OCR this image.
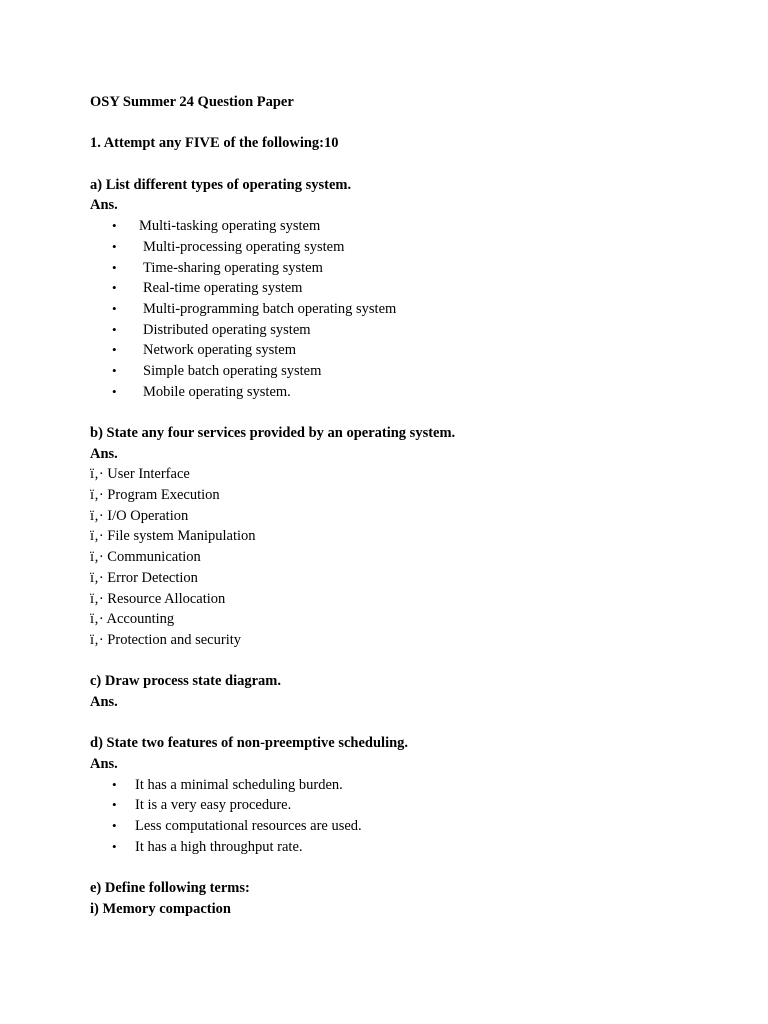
OSY Summer 24 Question Paper
1. Attempt any FIVE of the following:10
a) List different types of operating system.
Ans.
• Multi-tasking operating system
• Multi-processing operating system
• Time-sharing operating system
• Real-time operating system
• Multi-programming batch operating system
• Distributed operating system
• Network operating system
• Simple batch operating system
• Mobile operating system.
b) State any four services provided by an operating system.
Ans.
ï‚· User Interface
ï‚· Program Execution
ï‚· I/O Operation
ï‚· File system Manipulation
ï‚· Communication
ï‚· Error Detection
ï‚· Resource Allocation
ï‚· Accounting
ï‚· Protection and security
c) Draw process state diagram.
Ans.
d) State two features of non-preemptive scheduling.
Ans.
• It has a minimal scheduling burden.
• It is a very easy procedure.
• Less computational resources are used.
• It has a high throughput rate.
e) Define following terms:
i) Memory compaction
